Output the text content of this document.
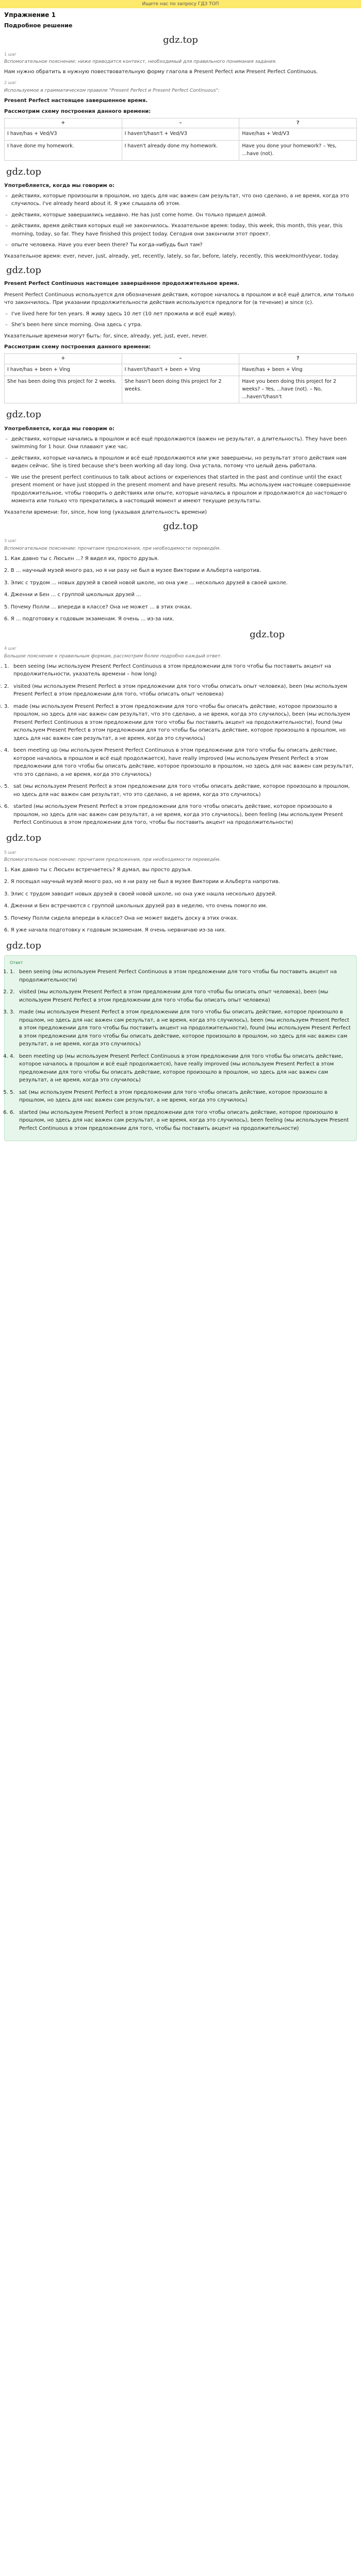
Ищете нас по запросу ГДЗ ТОП
Упражнение 1
Подробное решение
gdz.top
1 шаг
Вспомогательное пояснение: ниже приводится контекст, необходимый для правильного понимания задания.

Нам нужно обратить в нужную повествовательную форму глагола в Present Perfect или Present Perfect Continuous.

2 шаг
Используемое в грамматическом правиле "Present Perfect и Present Perfect Continuous":

Present Perfect настоящее завершенное время.

Рассмотрим схему построения данного времени:
+	–	?
I have/has + Ved/V3	I haven't/hasn't + Ved/V3	Have/has + Ved/V3
I have done my homework.	I haven't already done my homework.	Have you done your homework? – Yes, ...have (not).
gdz.top
Употребляется, когда мы говорим о:
– действиях, которые произошли в прошлом, но здесь для нас важен сам результат, что оно сделано, а не время, когда это случилось. I've already heard about it. Я уже слышала об этом.
– действиях, которые завершились недавно. He has just come home. Он только пришел домой.
– действиях, время действия которых ещё не закончилось. Указательное время: today, this week, this month, this year, this morning, today, so far. They have finished this project today. Сегодня они закончили этот проект.
– опыте человека. Have you ever been there? Ты когда-нибудь был там?

Указательное время: ever, never, just, already, yet, recently, lately, so far, before, lately, recently, this week/month/year, today.

gdz.top

Present Perfect Continuous настоящее завершённое продолжительное время.

Present Perfect Continuous используется для обозначения действия, которое началось в прошлом и всё ещё длится, или только что закончилось. При указании продолжительности действия используются предлоги for (в течение) и since (с).

– I've lived here for ten years. Я живу здесь 10 лет (10 лет прожила и всё ещё живу).
– She's been here since morning. Она здесь с утра.

Указательные времени могут быть: for, since, already, yet, just, ever, never.

Рассмотрим схему построения данного времени:
+	–	?
I have/has + been + Ving	I haven't/hasn't + been + Ving	Have/has + been + Ving
She has been doing this project for 2 weeks.	She hasn't been doing this project for 2 weeks.	Have you been doing this project for 2 weeks? – Yes, ...have (not). – No, ...haven't/hasn't
gdz.top
Употребляется, когда мы говорим о:
– действиях, которые начались в прошлом и всё ещё продолжаются (важен не результат, а длительность). They have been swimming for 1 hour. Они плавают уже час.
– действиях, которые начались в прошлом и всё ещё продолжаются или уже завершены, но результат этого действия нам виден сейчас. She is tired because she's been working all day long. Она устала, потому что целый день работала.
– We use the present perfect continuous to talk about actions or experiences that started in the past and continue until the exact present moment or have just stopped in the present moment and have present results. Мы используем настоящее совершенное продолжительное, чтобы говорить о действиях или опыте, которые начались в прошлом и продолжаются до настоящего момента или только что прекратились в настоящий момент и имеют текущие результаты.

Указатели времени: for, since, how long (указывая длительность времени)

gdz.top
3 шаг
Вспомогательное пояснение: прочитаем предложения, при необходимости переведём.
1. Как давно ты с Люсьен ...? Я видел их, просто друзья.
2. В ... научный музей много раз, но я ни разу не был в музее Виктории и Альберта напротив.
3. Элис с трудом ... новых друзей в своей новой школе, но она уже ... несколько друзей в своей школе.
4. Дженни и Бен ... с группой школьных друзей ...
5. Почему Полли ... впереди в классе? Она не может ... в этих очках.
6. Я ... подготовку к годовым экзаменам. Я очень ... из-за них.
gdz.top
4 шаг
Большое пояснение к правильным формам, рассмотрим более подробно каждый ответ.
1. 1. been seeing (мы используем Present Perfect Continuous в этом предложении для того чтобы бы поставить акцент на продолжительности, указатель времени – how long)
2. 2. visited (мы используем Present Perfect в этом предложении для того чтобы описать опыт человека), been (мы используем Present Perfect в этом предложении для того, чтобы описать опыт человека)
3. 3. made (мы используем Present Perfect в этом предложении для того чтобы бы описать действие, которое произошло в прошлом, но здесь для нас важен сам результат, что это сделано, а не время, когда это случилось), been (мы используем Present Perfect Continuous в этом предложении для того чтобы бы поставить акцент на продолжительности), found (мы используем Present Perfect в этом предложении для того чтобы бы описать действие, которое произошло в прошлом, но здесь для нас важен сам результат, а не время, когда это случилось)
4. 4. been meeting up (мы используем Present Perfect Continuous в этом предложении для того чтобы бы описать действие, которое началось в прошлом и всё ещё продолжается), have really improved (мы используем Present Perfect в этом предложении для того чтобы бы описать действие, которое произошло в прошлом, но здесь для нас важен сам результат, что это сделано, а не время, когда это случилось)
5. 5. sat (мы используем Present Perfect в этом предложении для того чтобы описать действие, которое произошло в прошлом, но здесь для нас важен сам результат, что это сделано, а не время, когда это случилось)
6. 6. started (мы используем Present Perfect в этом предложении для того чтобы описать действие, которое произошло в прошлом, но здесь для нас важен сам результат, а не время, когда это случилось), been feeling (мы используем Present Perfect Continuous в этом предложении для того, чтобы бы поставить акцент на продолжительности)
gdz.top
5 шаг
Вспомогательное пояснение: прочитаем предложения, при необходимости переведём.
1. Как давно ты с Люсьен встречаетесь? Я думал, вы просто друзья.
2. Я посещал научный музей много раз, но я ни разу не был в музее Виктории и Альберта напротив.
3. Элис с трудом заводит новых друзей в своей новой школе, но она уже нашла несколько друзей.
4. Дженни и Бен встречаются с группой школьных друзей раз в неделю, что очень помогло им.
5. Почему Полли сидела впереди в классе? Она не может видеть доску в этих очках.
6. Я уже начала подготовку к годовым экзаменам. Я очень нервничаю из-за них.
gdz.top
Ответ
1. 1. been seeing (мы используем Present Perfect Continuous в этом предложении для того чтобы бы поставить акцент на продолжительности)
2. 2. visited (мы используем Present Perfect в этом предложении для того чтобы бы описать опыт человека), been (мы используем Present Perfect в этом предложении для того чтобы бы описать опыт человека)
3. 3. made (мы используем Present Perfect в этом предложении для того чтобы бы описать действие, которое произошло в прошлом, но здесь для нас важен сам результат, а не время, когда это случилось), been (мы используем Present Perfect в этом предложении для того чтобы бы поставить акцент на продолжительности), found (мы используем Present Perfect в этом предложении для того чтобы бы описать действие, которое произошло в прошлом, но здесь для нас важен сам результат, а не время, когда это случилось)
4. 4. been meeting up (мы используем Present Perfect Continuous в этом предложении для того чтобы бы описать действие, которое началось в прошлом и всё ещё продолжается), have really improved (мы используем Present Perfect в этом предложении для того чтобы бы описать действие, которое произошло в прошлом, но здесь для нас важен сам результат, а не время, когда это случилось)
5. 5. sat (мы используем Present Perfect в этом предложении для того чтобы описать действие, которое произошло в прошлом, но здесь для нас важен сам результат, а не время, когда это случилось)
6. 6. started (мы используем Present Perfect в этом предложении для того чтобы описать действие, которое произошло в прошлом, но здесь для нас важен сам результат, а не время, когда это случилось), been feeling (мы используем Present Perfect Continuous в этом предложении для того, чтобы бы поставить акцент на продолжительности)
